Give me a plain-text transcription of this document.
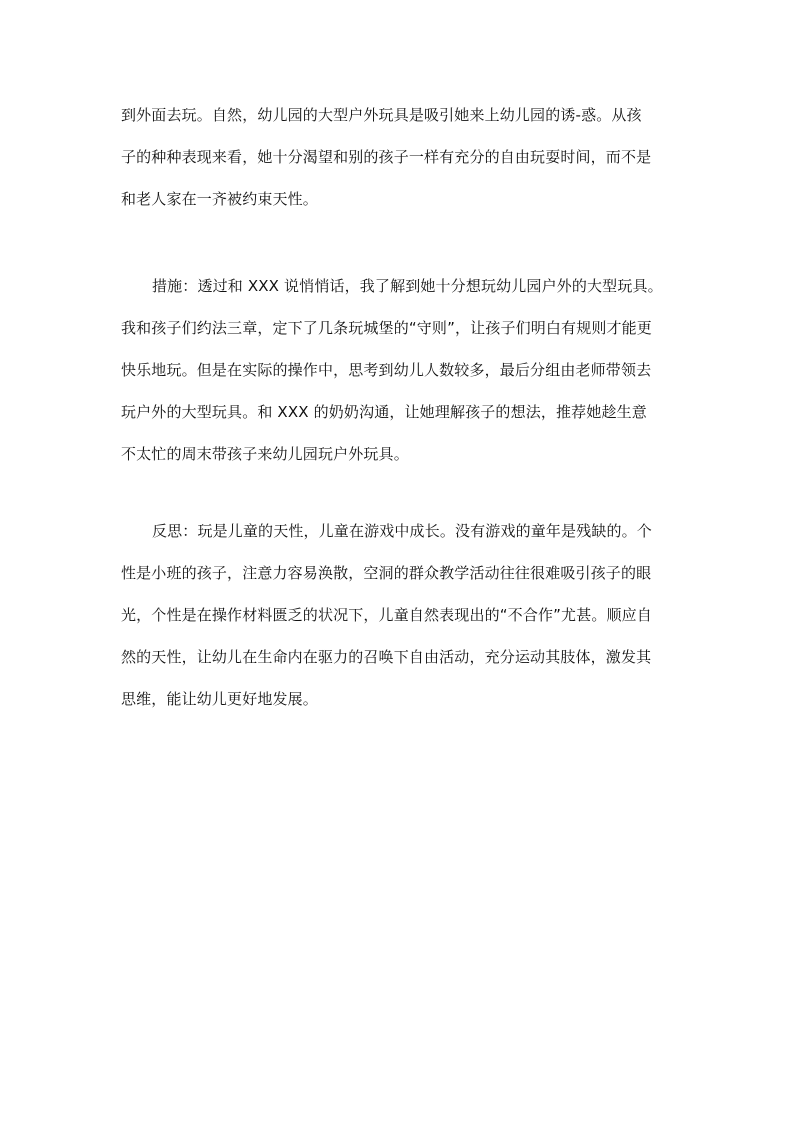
到外面去玩。自然，幼儿园的大型户外玩具是吸引她来上幼儿园的诱-惑。从孩
子的种种表现来看，她十分渴望和别的孩子一样有充分的自由玩耍时间，而不是
和老人家在一齐被约束天性。
措施：透过和 XXX 说悄悄话，我了解到她十分想玩幼儿园户外的大型玩具。
我和孩子们约法三章，定下了几条玩城堡的“守则”，让孩子们明白有规则才能更
快乐地玩。但是在实际的操作中，思考到幼儿人数较多，最后分组由老师带领去
玩户外的大型玩具。和 XXX 的奶奶沟通，让她理解孩子的想法，推荐她趁生意
不太忙的周末带孩子来幼儿园玩户外玩具。
反思：玩是儿童的天性，儿童在游戏中成长。没有游戏的童年是残缺的。个
性是小班的孩子，注意力容易涣散，空洞的群众教学活动往往很难吸引孩子的眼
光，个性是在操作材料匮乏的状况下，儿童自然表现出的“不合作”尤甚。顺应自
然的天性，让幼儿在生命内在驱力的召唤下自由活动，充分运动其肢体，激发其
思维，能让幼儿更好地发展。
